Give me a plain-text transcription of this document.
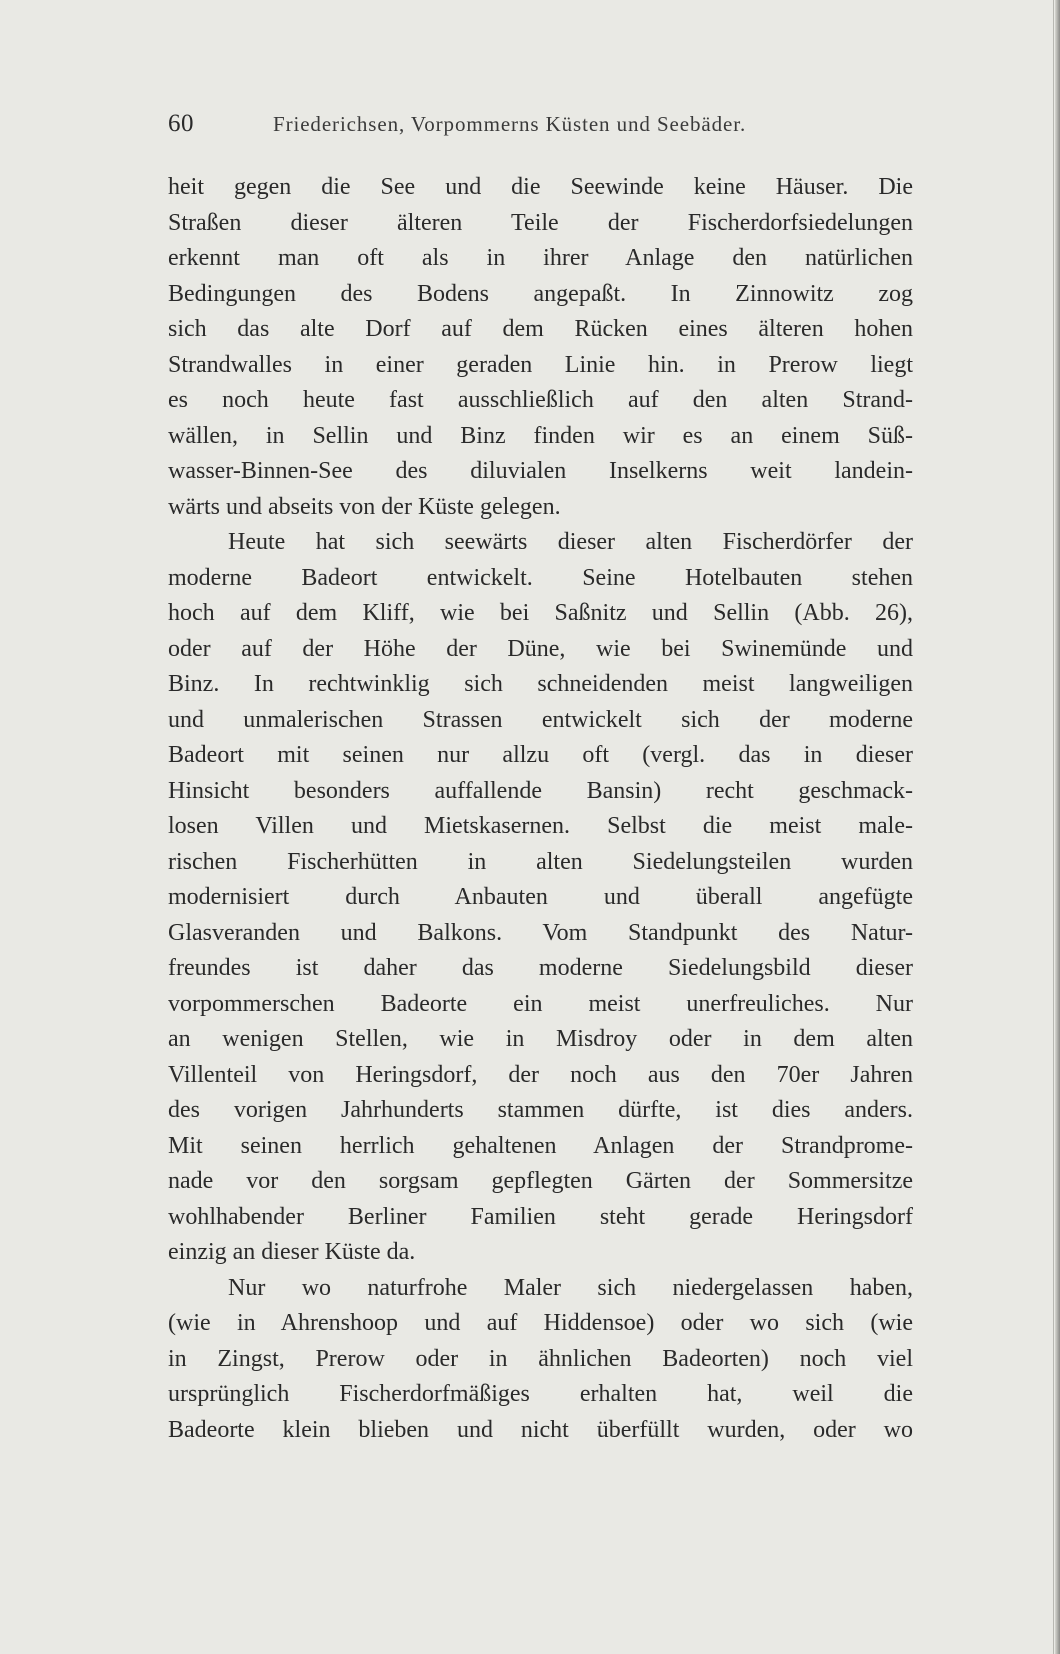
60	Friederichsen, Vorpommerns Küsten und Seebäder.
heit gegen die See und die Seewinde keine Häuser. Die
Straßen dieser älteren Teile der Fischerdorfsiedelungen
erkennt man oft als in ihrer Anlage den natürlichen
Bedingungen des Bodens angepaßt. In Zinnowitz zog
sich das alte Dorf auf dem Rücken eines älteren hohen
Strandwalles in einer geraden Linie hin. in Prerow liegt
es noch heute fast ausschließlich auf den alten Strand-
wällen, in Sellin und Binz finden wir es an einem Süß-
wasser-Binnen-See des diluvialen Inselkerns weit landein-
wärts und abseits von der Küste gelegen.
Heute hat sich seewärts dieser alten Fischerdörfer der
moderne Badeort entwickelt. Seine Hotelbauten stehen
hoch auf dem Kliff, wie bei Saßnitz und Sellin (Abb. 26),
oder auf der Höhe der Düne, wie bei Swinemünde und
Binz. In rechtwinklig sich schneidenden meist langweiligen
und unmalerischen Strassen entwickelt sich der moderne
Badeort mit seinen nur allzu oft (vergl. das in dieser
Hinsicht besonders auffallende Bansin) recht geschmack-
losen Villen und Mietskasernen. Selbst die meist male-
rischen Fischerhütten in alten Siedelungsteilen wurden
modernisiert durch Anbauten und überall angefügte
Glasveranden und Balkons. Vom Standpunkt des Natur-
freundes ist daher das moderne Siedelungsbild dieser
vorpommerschen Badeorte ein meist unerfreuliches. Nur
an wenigen Stellen, wie in Misdroy oder in dem alten
Villenteil von Heringsdorf, der noch aus den 70er Jahren
des vorigen Jahrhunderts stammen dürfte, ist dies anders.
Mit seinen herrlich gehaltenen Anlagen der Strandprome-
nade vor den sorgsam gepflegten Gärten der Sommersitze
wohlhabender Berliner Familien steht gerade Heringsdorf
einzig an dieser Küste da.
Nur wo naturfrohe Maler sich niedergelassen haben,
(wie in Ahrenshoop und auf Hiddensoe) oder wo sich (wie
in Zingst, Prerow oder in ähnlichen Badeorten) noch viel
ursprünglich Fischerdorfmäßiges erhalten hat, weil die
Badeorte klein blieben und nicht überfüllt wurden, oder wo
